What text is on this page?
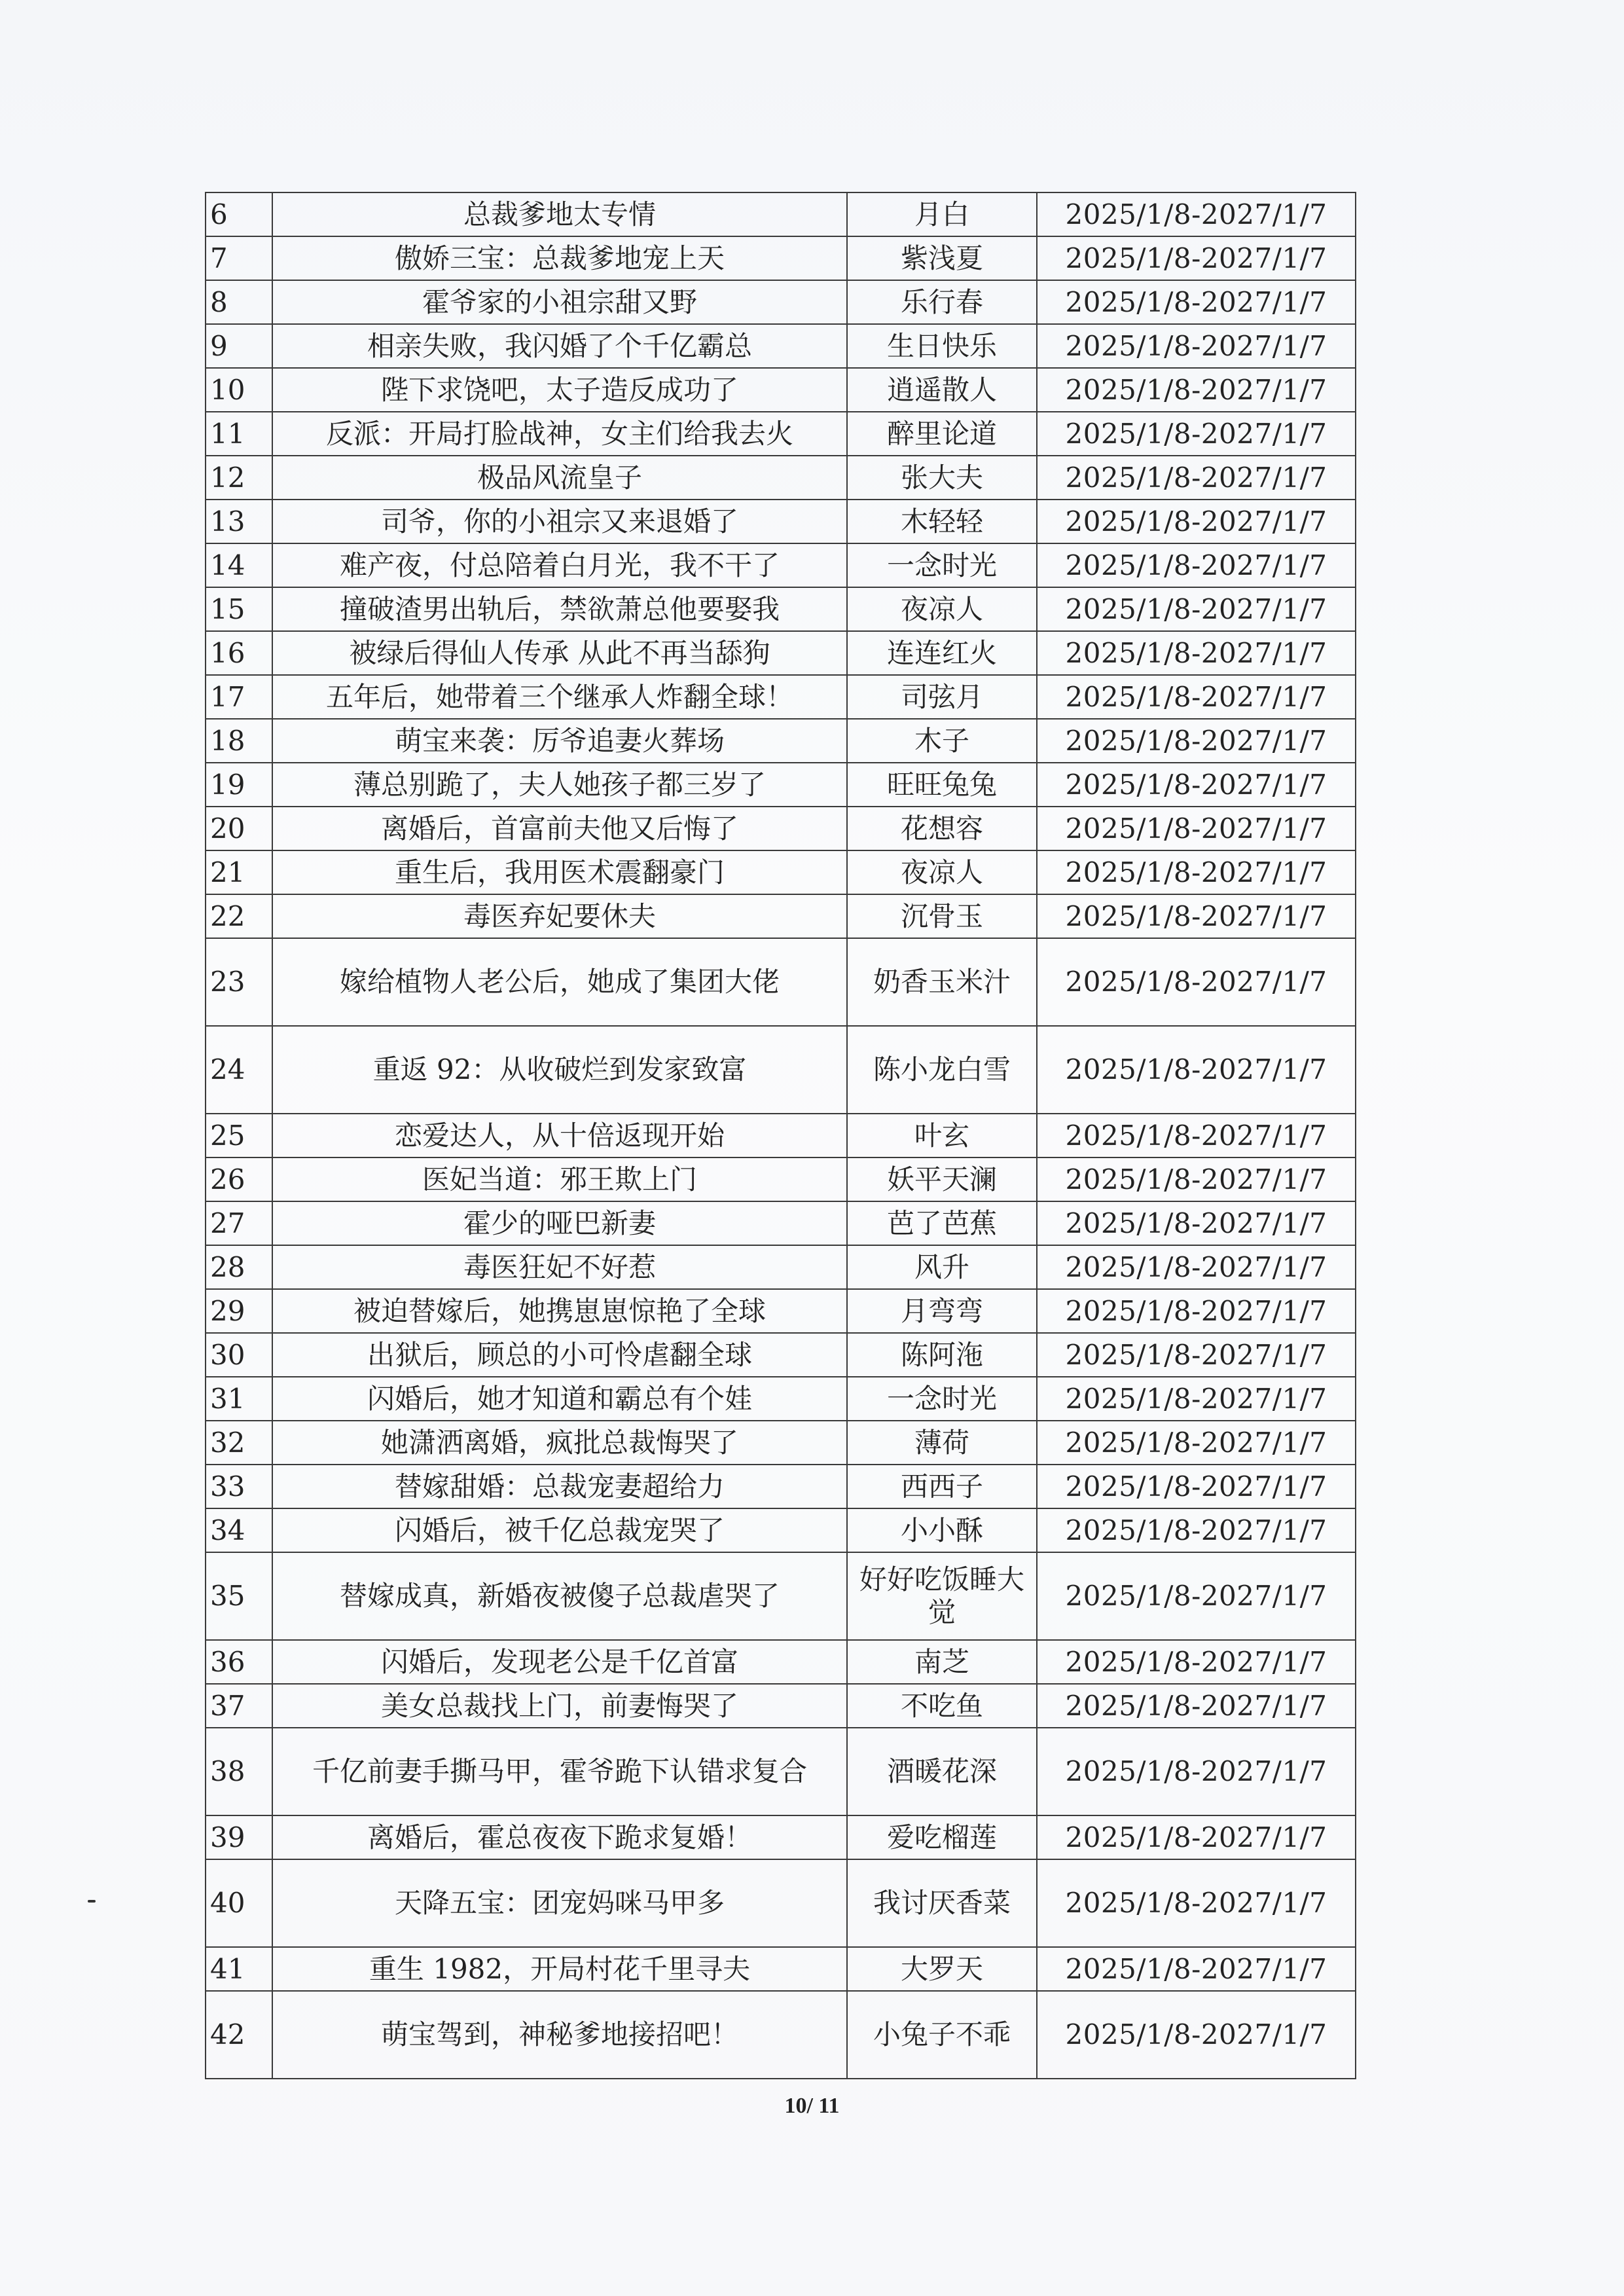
6	总裁爹地太专情	月白	2025/1/8-2027/1/7
7	傲娇三宝：总裁爹地宠上天	紫浅夏	2025/1/8-2027/1/7
8	霍爷家的小祖宗甜又野	乐行春	2025/1/8-2027/1/7
9	相亲失败，我闪婚了个千亿霸总	生日快乐	2025/1/8-2027/1/7
10	陛下求饶吧，太子造反成功了	逍遥散人	2025/1/8-2027/1/7
11	反派：开局打脸战神，女主们给我去火	醉里论道	2025/1/8-2027/1/7
12	极品风流皇子	张大夫	2025/1/8-2027/1/7
13	司爷，你的小祖宗又来退婚了	木轻轻	2025/1/8-2027/1/7
14	难产夜，付总陪着白月光，我不干了	一念时光	2025/1/8-2027/1/7
15	撞破渣男出轨后，禁欲萧总他要娶我	夜凉人	2025/1/8-2027/1/7
16	被绿后得仙人传承 从此不再当舔狗	连连红火	2025/1/8-2027/1/7
17	五年后，她带着三个继承人炸翻全球！	司弦月	2025/1/8-2027/1/7
18	萌宝来袭：厉爷追妻火葬场	木子	2025/1/8-2027/1/7
19	薄总别跪了，夫人她孩子都三岁了	旺旺兔兔	2025/1/8-2027/1/7
20	离婚后，首富前夫他又后悔了	花想容	2025/1/8-2027/1/7
21	重生后，我用医术震翻豪门	夜凉人	2025/1/8-2027/1/7
22	毒医弃妃要休夫	沉骨玉	2025/1/8-2027/1/7
23	嫁给植物人老公后，她成了集团大佬	奶香玉米汁	2025/1/8-2027/1/7
24	重返 92：从收破烂到发家致富	陈小龙白雪	2025/1/8-2027/1/7
25	恋爱达人，从十倍返现开始	叶玄	2025/1/8-2027/1/7
26	医妃当道：邪王欺上门	妖平天澜	2025/1/8-2027/1/7
27	霍少的哑巴新妻	芭了芭蕉	2025/1/8-2027/1/7
28	毒医狂妃不好惹	风升	2025/1/8-2027/1/7
29	被迫替嫁后，她携崽崽惊艳了全球	月弯弯	2025/1/8-2027/1/7
30	出狱后，顾总的小可怜虐翻全球	陈阿沲	2025/1/8-2027/1/7
31	闪婚后，她才知道和霸总有个娃	一念时光	2025/1/8-2027/1/7
32	她潇洒离婚，疯批总裁悔哭了	薄荷	2025/1/8-2027/1/7
33	替嫁甜婚：总裁宠妻超给力	西西子	2025/1/8-2027/1/7
34	闪婚后，被千亿总裁宠哭了	小小酥	2025/1/8-2027/1/7
35	替嫁成真，新婚夜被傻子总裁虐哭了	好好吃饭睡大觉	2025/1/8-2027/1/7
36	闪婚后，发现老公是千亿首富	南芝	2025/1/8-2027/1/7
37	美女总裁找上门，前妻悔哭了	不吃鱼	2025/1/8-2027/1/7
38	千亿前妻手撕马甲，霍爷跪下认错求复合	酒暖花深	2025/1/8-2027/1/7
39	离婚后，霍总夜夜下跪求复婚！	爱吃榴莲	2025/1/8-2027/1/7
40	天降五宝：团宠妈咪马甲多	我讨厌香菜	2025/1/8-2027/1/7
41	重生 1982，开局村花千里寻夫	大罗天	2025/1/8-2027/1/7
42	萌宝驾到，神秘爹地接招吧！	小兔子不乖	2025/1/8-2027/1/7
10/ 11
